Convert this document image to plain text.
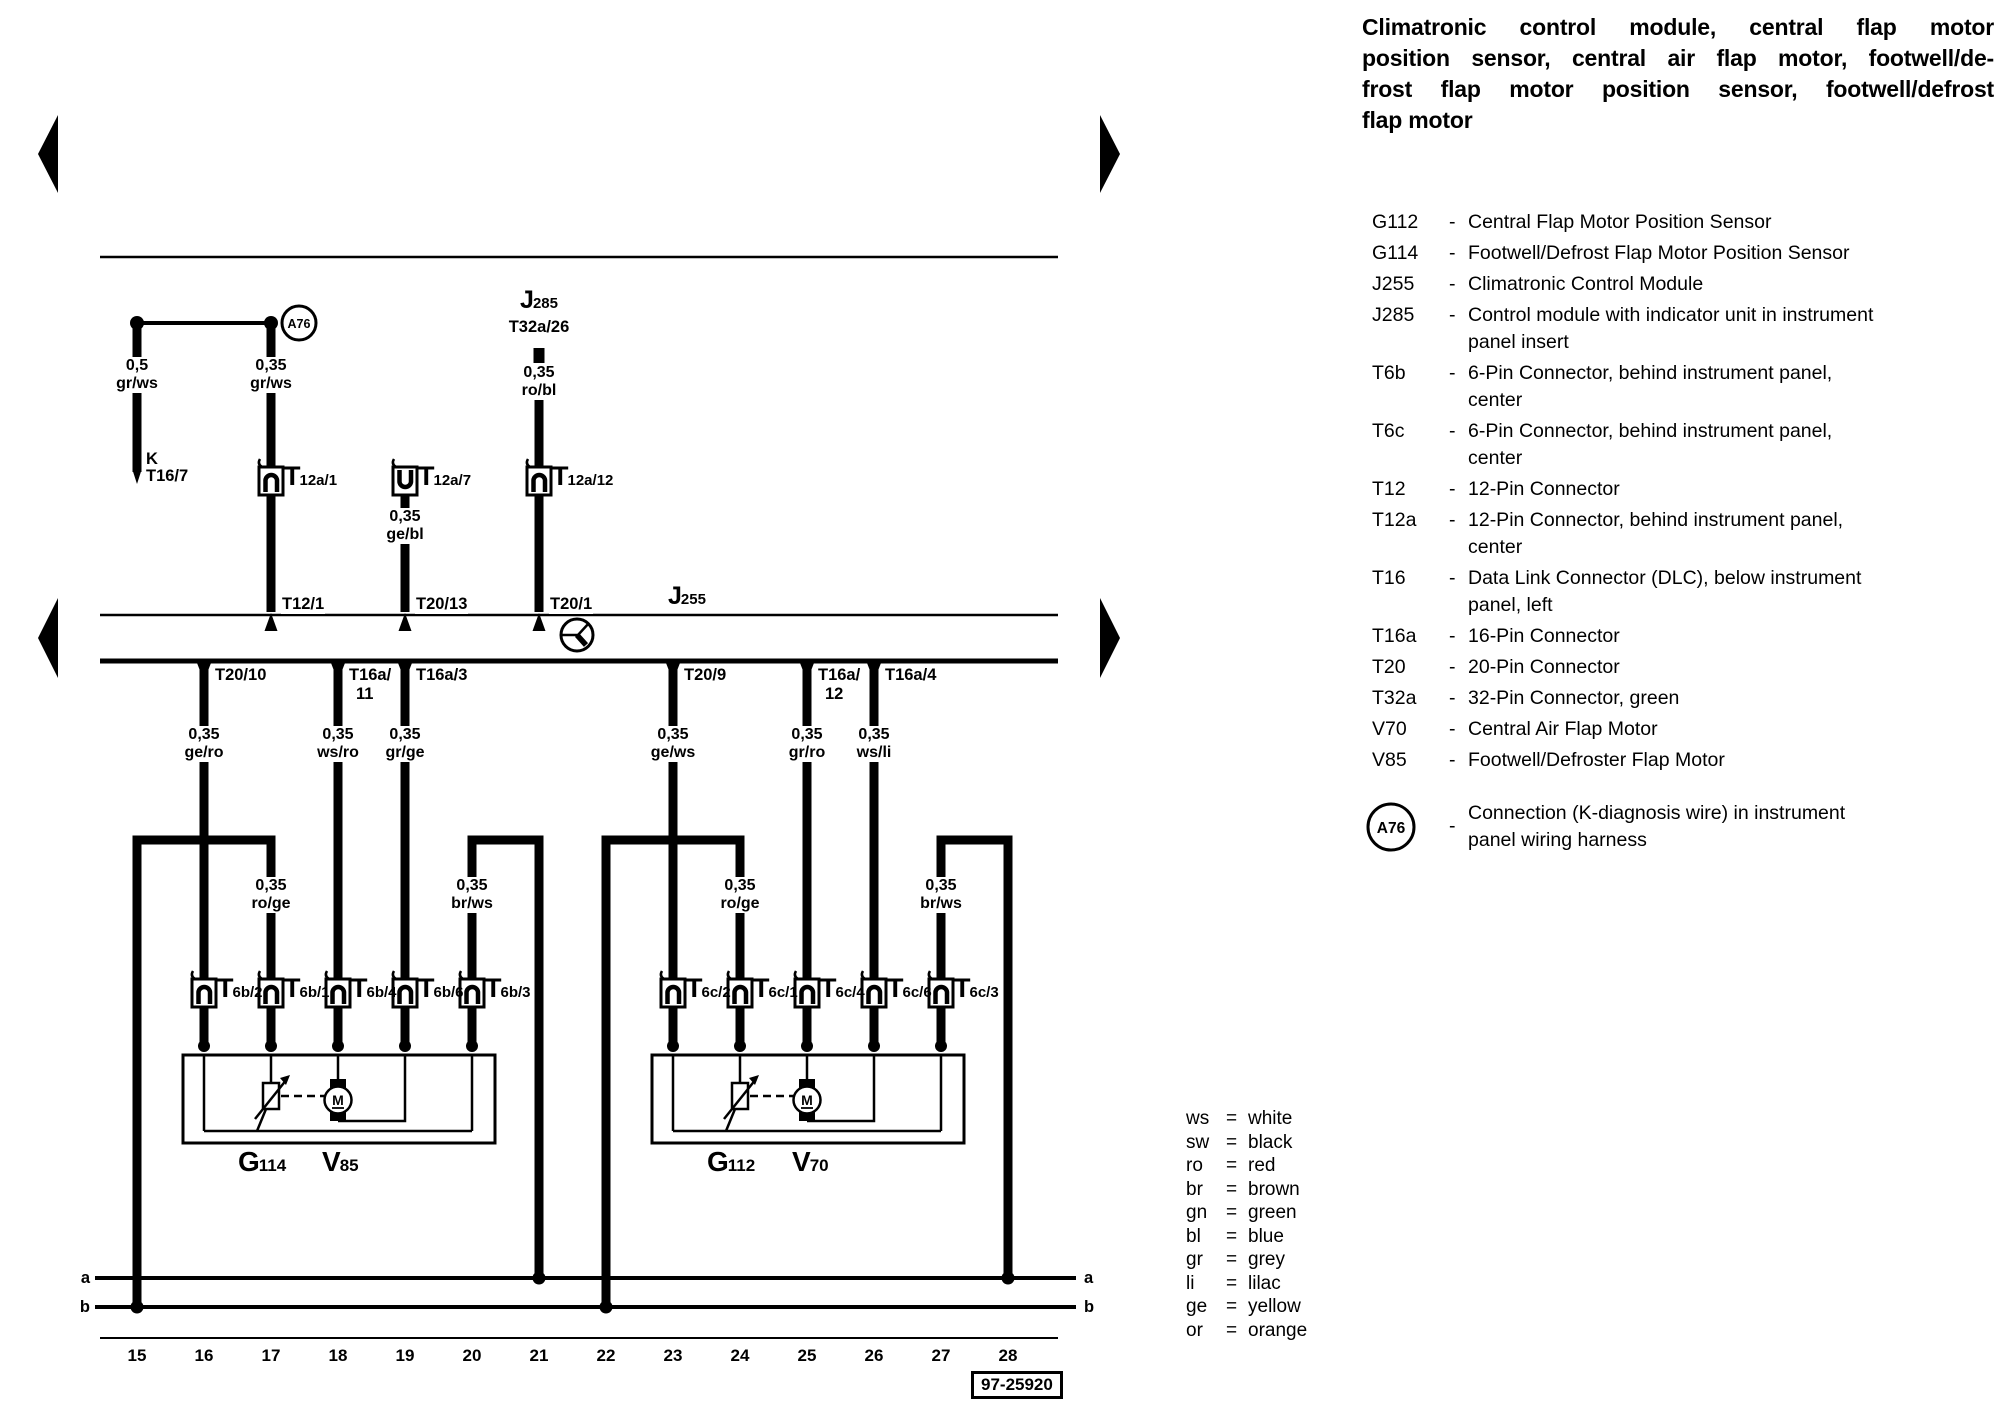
A76
M	M
A76
Climatronic control module, central flap motor
position sensor, central air flap motor, footwell/de-
frost flap motor position sensor, footwell/defrost
flap motor
K
T16/7
J285
T32a/26
J255
a
b
a
b
97-25920
-
Connection (K-diagnosis wire) in instrument
panel wiring harness
0,5
gr/ws
0,35
gr/ws
0,35
ro/bl
0,35
ge/bl
0,35
ge/ro
0,35
ws/ro
0,35
gr/ge
0,35
ge/ws
0,35
gr/ro
0,35
ws/li
0,35
ro/ge
0,35
br/ws
0,35
ro/ge
0,35
br/ws
T12/1	T20/13	T20/1
T20/10	T16a/
11
T16a/3	T20/9	T16a/
12
T16a/4
T12a/1	T12a/7	T12a/12
T6b/2 T6b/1 T6b/4 T6b/6 T6b/3	T6c/2 T6c/1 T6c/4 T6c/6 T6c/3
G114 V85	G112 V70
15	16	17	18	19	20	21	22	23	24	25	26	27	28
G112 - Central Flap Motor Position Sensor
G114 - Footwell/Defrost Flap Motor Position Sensor
J255 - Climatronic Control Module
J285 - Control module with indicator unit in instrument
panel insert
T6b - 6-Pin Connector, behind instrument panel,
center
T6c - 6-Pin Connector, behind instrument panel,
center
T12 - 12-Pin Connector
T12a - 12-Pin Connector, behind instrument panel,
center
T16 - Data Link Connector (DLC), below instrument
panel, left
T16a - 16-Pin Connector
T20 - 20-Pin Connector
T32a - 32-Pin Connector, green
V70 - Central Air Flap Motor
V85 - Footwell/Defroster Flap Motor
ws = white
sw = black
ro = red
br = brown
gn = green
bl = blue
gr = grey
li = lilac
ge = yellow
or = orange
